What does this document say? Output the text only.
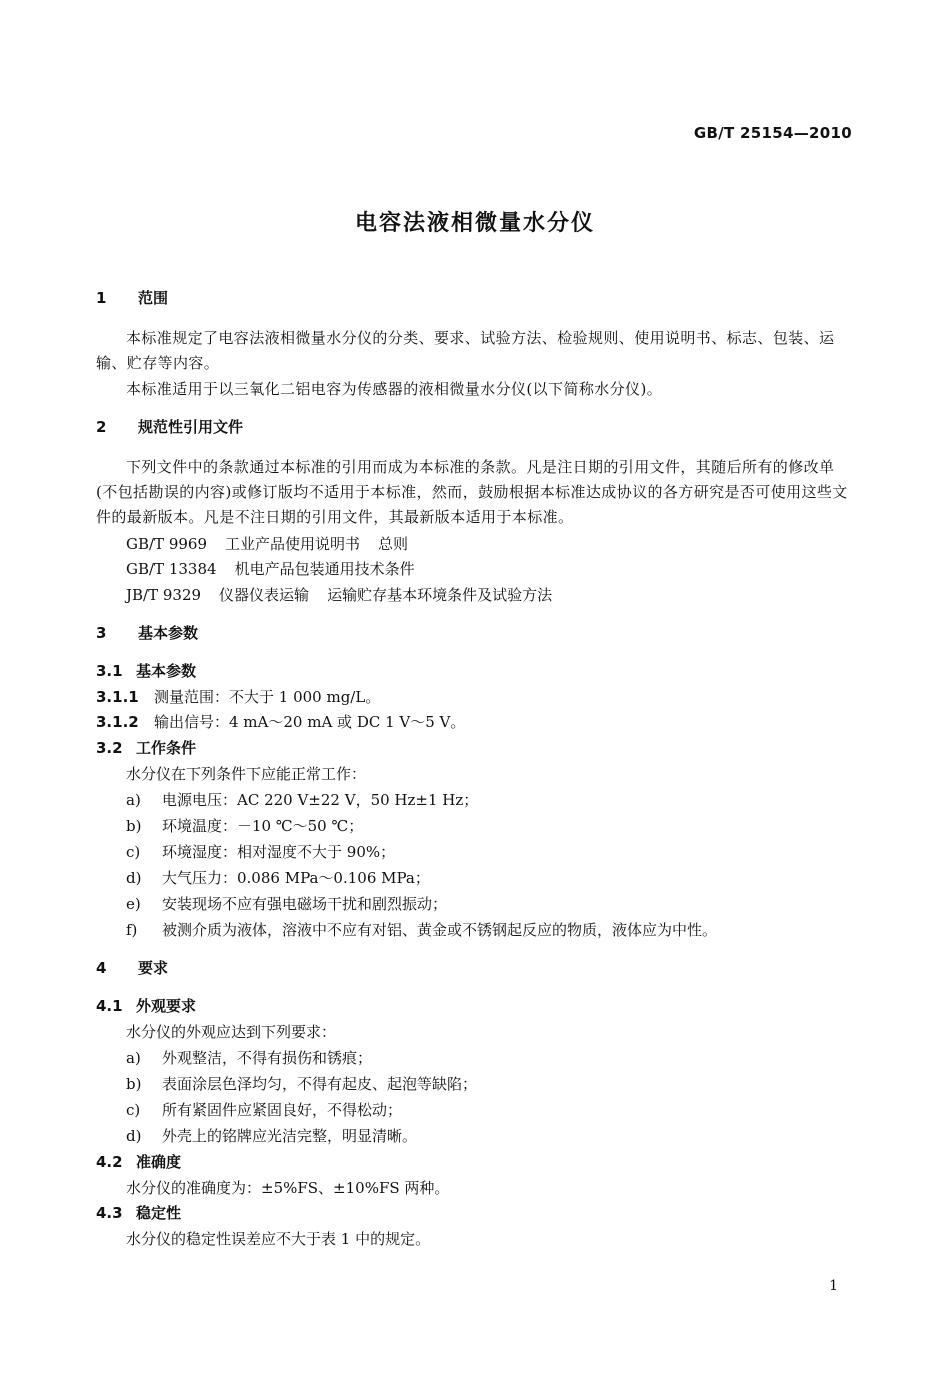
GB/T 25154—2010
电容法液相微量水分仪
1 范围
本标准规定了电容法液相微量水分仪的分类、要求、试验方法、检验规则、使用说明书、标志、包装、运输、贮存等内容。
本标准适用于以三氧化二铝电容为传感器的液相微量水分仪(以下简称水分仪)。
2 规范性引用文件
下列文件中的条款通过本标准的引用而成为本标准的条款。凡是注日期的引用文件，其随后所有的修改单(不包括勘误的内容)或修订版均不适用于本标准，然而，鼓励根据本标准达成协议的各方研究是否可使用这些文件的最新版本。凡是不注日期的引用文件，其最新版本适用于本标准。
GB/T 9969 工业产品使用说明书 总则
GB/T 13384 机电产品包装通用技术条件
JB/T 9329 仪器仪表运输 运输贮存基本环境条件及试验方法
3 基本参数
3.1 基本参数
3.1.1 测量范围：不大于 1 000 mg/L。
3.1.2 输出信号：4 mA～20 mA 或 DC 1 V～5 V。
3.2 工作条件
水分仪在下列条件下应能正常工作：
a) 电源电压：AC 220 V±22 V，50 Hz±1 Hz；
b) 环境温度：－10 ℃～50 ℃；
c) 环境湿度：相对湿度不大于 90%；
d) 大气压力：0.086 MPa～0.106 MPa；
e) 安装现场不应有强电磁场干扰和剧烈振动；
f) 被测介质为液体，溶液中不应有对铝、黄金或不锈钢起反应的物质，液体应为中性。
4 要求
4.1 外观要求
水分仪的外观应达到下列要求：
a) 外观整洁，不得有损伤和锈痕；
b) 表面涂层色泽均匀，不得有起皮、起泡等缺陷；
c) 所有紧固件应紧固良好，不得松动；
d) 外壳上的铭牌应光洁完整，明显清晰。
4.2 准确度
水分仪的准确度为：±5%FS、±10%FS 两种。
4.3 稳定性
水分仪的稳定性误差应不大于表 1 中的规定。
1
